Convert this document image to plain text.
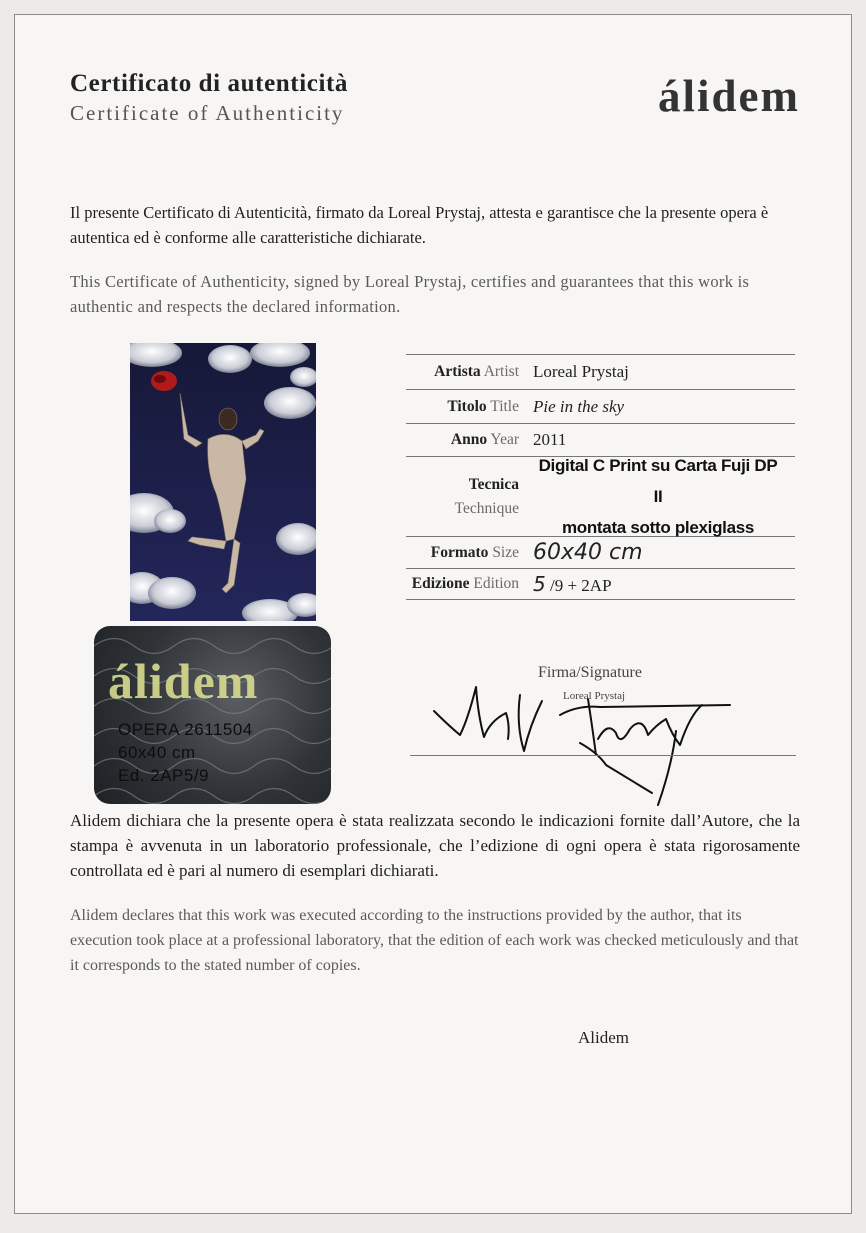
Certificato di autenticità
Certificate of Authenticity	álidem
Il presente Certificato di Autenticità, firmato da Loreal Prystaj, attesta e garantisce che la presente opera è autentica ed è conforme alle caratteristiche dichiarate.
This Certificate of Authenticity, signed by Loreal Prystaj, certifies and guarantees that this work is authentic and respects the declared information.
álidem
OPERA 2611504
60x40 cm
Ed. 2AP5/9
Artista Artist Loreal Prystaj
Titolo Title Pie in the sky
Anno Year 2011
Tecnica
Technique
Digital C Print su Carta Fuji DP II
montata sotto plexiglass
Formato Size 60x40 cm
Edizione Edition 5 /9 + 2AP
Firma/Signature
Loreal Prystaj
Alidem dichiara che la presente opera è stata realizzata secondo le indicazioni fornite dall’Autore, che la stampa è avvenuta in un laboratorio professionale, che l’edizione di ogni opera è stata rigorosamente controllata ed è pari al numero di esemplari dichiarati.
Alidem declares that this work was executed according to the instructions provided by the author, that its execution took place at a professional laboratory, that the edition of each work was checked meticulously and that it corresponds to the stated number of copies.
Alidem
